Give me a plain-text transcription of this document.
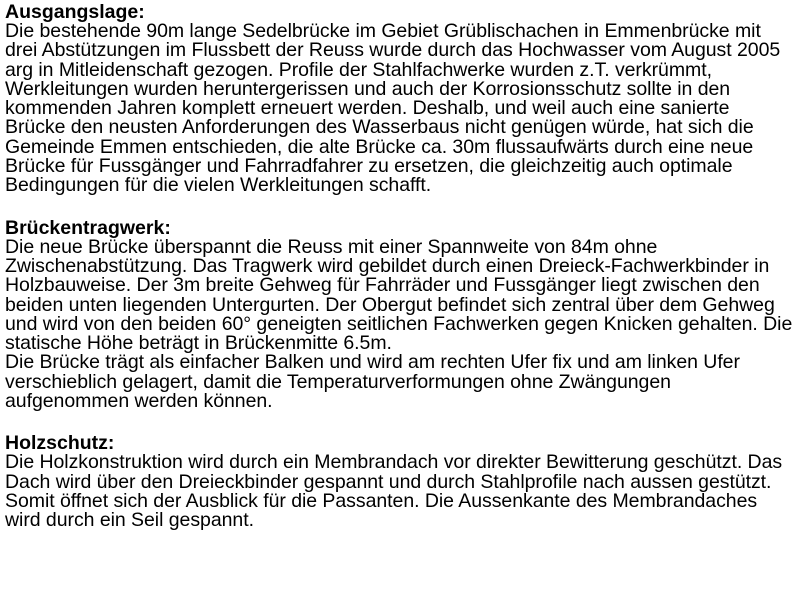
Ausgangslage:

Die bestehende 90m lange Sedelbrücke im Gebiet Grüblischachen in Emmenbrücke mit drei Abstützungen im Flussbett der Reuss wurde durch das Hochwasser vom August 2005 arg in Mitleidenschaft gezogen. Profile der Stahlfachwerke wurden z.T. verkrümmt, Werkleitungen wurden heruntergerissen und auch der Korrosionsschutz sollte in den kommenden Jahren komplett erneuert werden. Deshalb, und weil auch eine sanierte Brücke den neusten Anforderungen des Wasserbaus nicht genügen würde, hat sich die Gemeinde Emmen entschieden, die alte Brücke ca. 30m flussaufwärts durch eine neue Brücke für Fussgänger und Fahrradfahrer zu ersetzen, die gleichzeitig auch optimale Bedingungen für die vielen Werkleitungen schafft.

Brückentragwerk:

Die neue Brücke überspannt die Reuss mit einer Spannweite von 84m ohne Zwischenabstützung. Das Tragwerk wird gebildet durch einen Dreieck-Fachwerkbinder in Holzbauweise. Der 3m breite Gehweg für Fahrräder und Fussgänger liegt zwischen den beiden unten liegenden Untergurten. Der Obergut befindet sich zentral über dem Gehweg und wird von den beiden 60° geneigten seitlichen Fachwerken gegen Knicken gehalten. Die statische Höhe beträgt in Brückenmitte 6.5m.

Die Brücke trägt als einfacher Balken und wird am rechten Ufer fix und am linken Ufer verschieblich gelagert, damit die Temperaturverformungen ohne Zwängungen aufgenommen werden können.

Holzschutz:

Die Holzkonstruktion wird durch ein Membrandach vor direkter Bewitterung geschützt. Das Dach wird über den Dreieckbinder gespannt und durch Stahlprofile nach aussen gestützt. Somit öffnet sich der Ausblick für die Passanten. Die Aussenkante des Membrandaches wird durch ein Seil gespannt.
